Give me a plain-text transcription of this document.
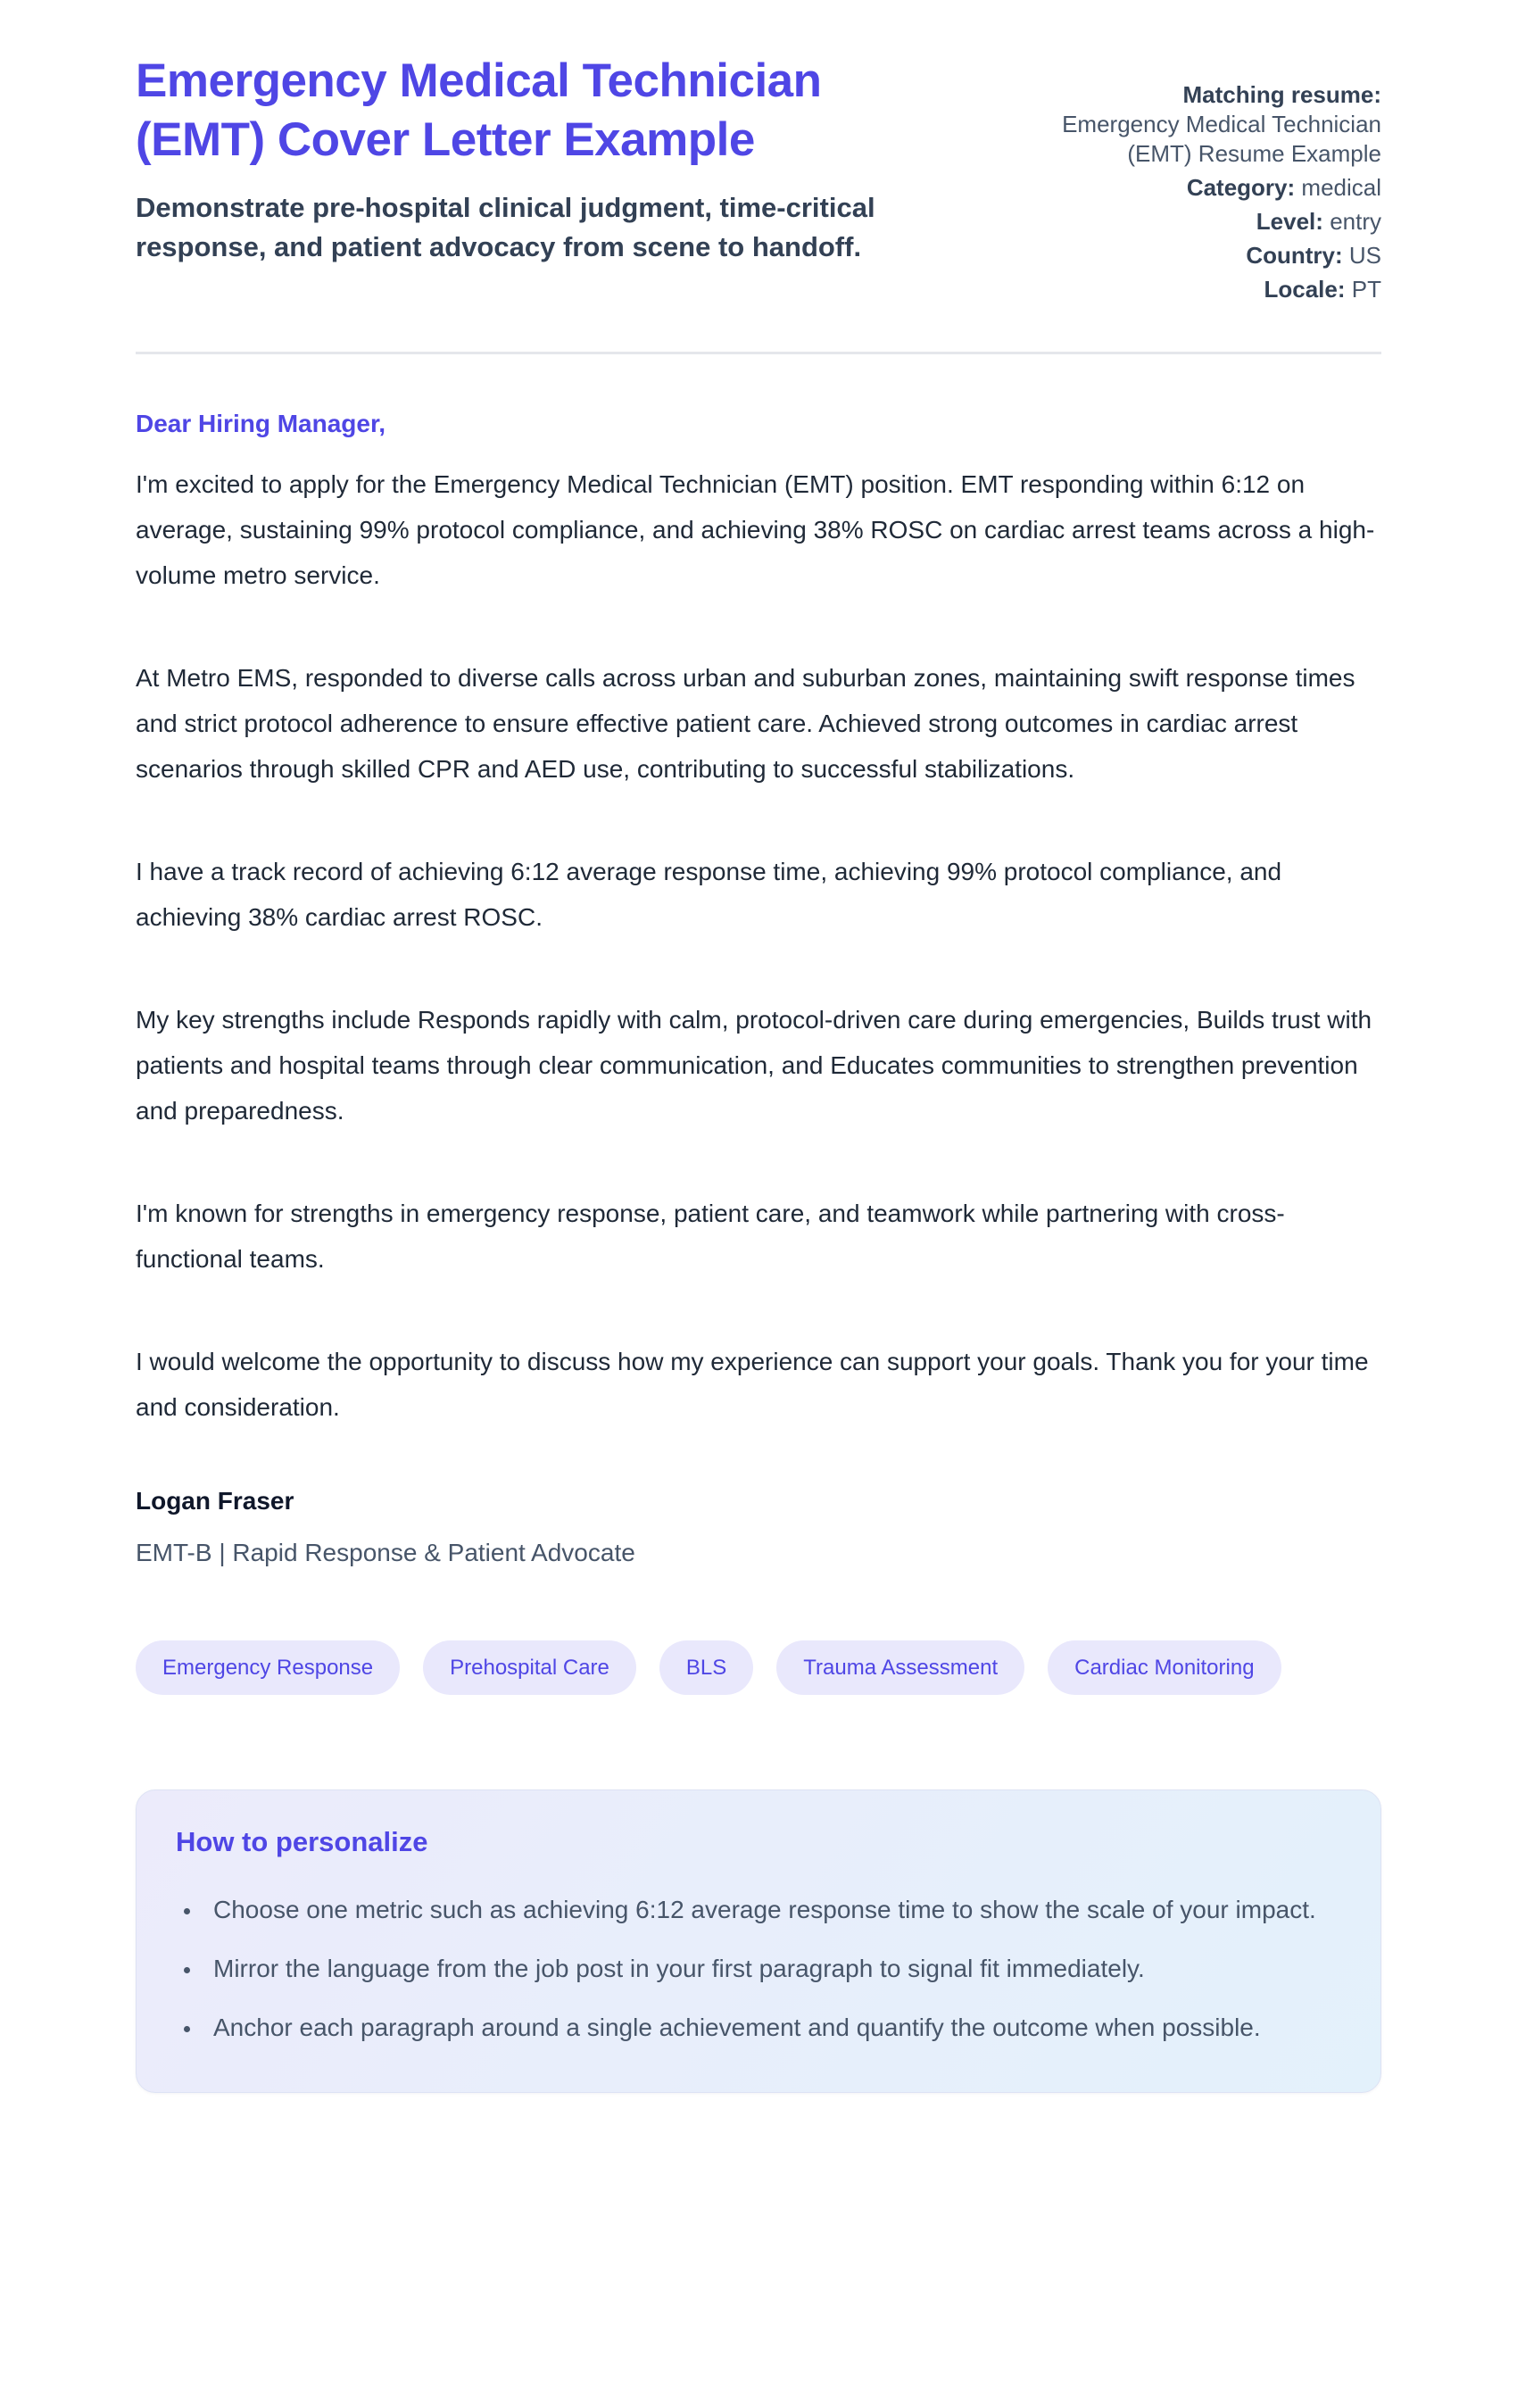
Emergency Medical Technician
(EMT) Cover Letter Example

Demonstrate pre-hospital clinical judgment, time-critical response, and patient advocacy from scene to handoff.

Matching resume:
Emergency Medical Technician
(EMT) Resume Example
Category: medical
Level: entry
Country: US
Locale: PT

Dear Hiring Manager,

I'm excited to apply for the Emergency Medical Technician (EMT) position. EMT responding within 6:12 on average, sustaining 99% protocol compliance, and achieving 38% ROSC on cardiac arrest teams across a high-volume metro service.

At Metro EMS, responded to diverse calls across urban and suburban zones, maintaining swift response times and strict protocol adherence to ensure effective patient care. Achieved strong outcomes in cardiac arrest scenarios through skilled CPR and AED use, contributing to successful stabilizations.

I have a track record of achieving 6:12 average response time, achieving 99% protocol compliance, and achieving 38% cardiac arrest ROSC.

My key strengths include Responds rapidly with calm, protocol-driven care during emergencies, Builds trust with patients and hospital teams through clear communication, and Educates communities to strengthen prevention and preparedness.

I'm known for strengths in emergency response, patient care, and teamwork while partnering with cross-functional teams.

I would welcome the opportunity to discuss how my experience can support your goals. Thank you for your time and consideration.

Logan Fraser

EMT-B | Rapid Response & Patient Advocate

Emergency Response	Prehospital Care	BLS	Trauma Assessment	Cardiac Monitoring
How to personalize
• Choose one metric such as achieving 6:12 average response time to show the scale of your impact.
• Mirror the language from the job post in your first paragraph to signal fit immediately.
• Anchor each paragraph around a single achievement and quantify the outcome when possible.
